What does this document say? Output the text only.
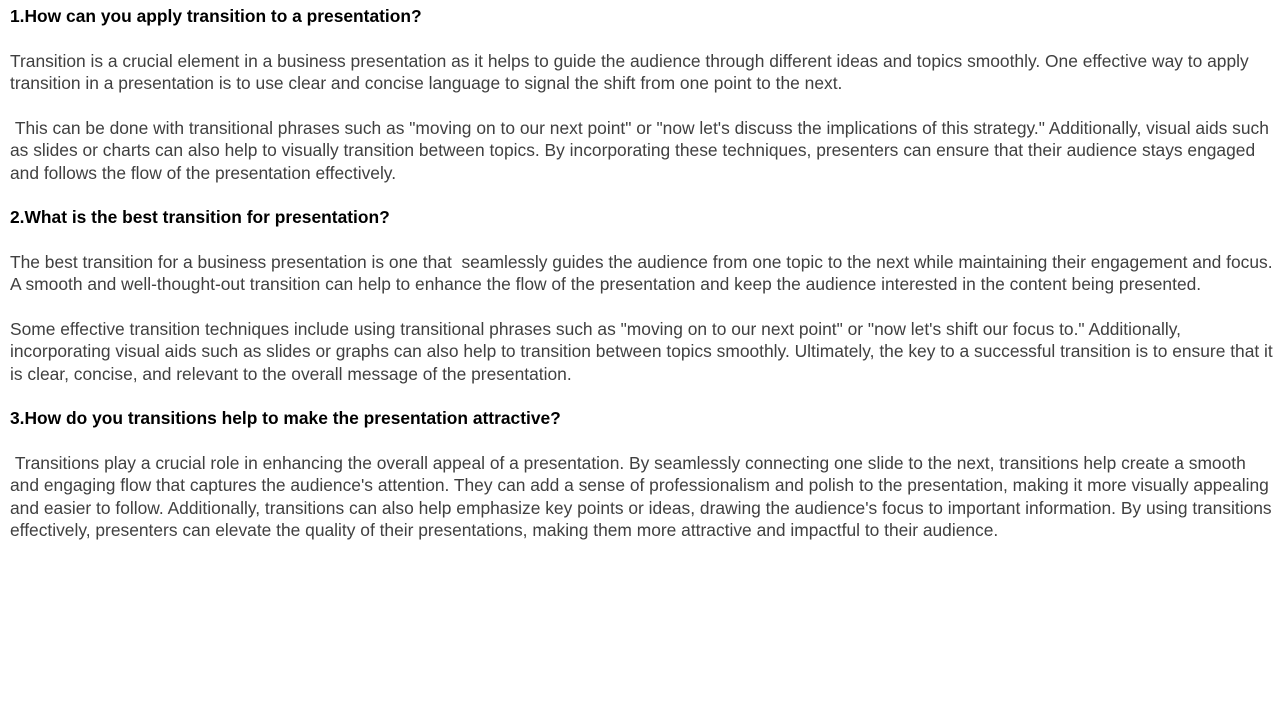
1.How can you apply transition to a presentation?
Transition is a crucial element in a business presentation as it helps to guide the audience through different ideas and topics smoothly. One effective way to apply transition in a presentation is to use clear and concise language to signal the shift from one point to the next.
This can be done with transitional phrases such as "moving on to our next point" or "now let's discuss the implications of this strategy." Additionally, visual aids such as slides or charts can also help to visually transition between topics. By incorporating these techniques, presenters can ensure that their audience stays engaged and follows the flow of the presentation effectively.
2.What is the best transition for presentation?
The best transition for a business presentation is one that  seamlessly guides the audience from one topic to the next while maintaining their engagement and focus. A smooth and well-thought-out transition can help to enhance the flow of the presentation and keep the audience interested in the content being presented.
Some effective transition techniques include using transitional phrases such as "moving on to our next point" or "now let's shift our focus to." Additionally, incorporating visual aids such as slides or graphs can also help to transition between topics smoothly. Ultimately, the key to a successful transition is to ensure that it is clear, concise, and relevant to the overall message of the presentation.
3.How do you transitions help to make the presentation attractive?
Transitions play a crucial role in enhancing the overall appeal of a presentation. By seamlessly connecting one slide to the next, transitions help create a smooth and engaging flow that captures the audience's attention. They can add a sense of professionalism and polish to the presentation, making it more visually appealing and easier to follow. Additionally, transitions can also help emphasize key points or ideas, drawing the audience's focus to important information. By using transitions effectively, presenters can elevate the quality of their presentations, making them more attractive and impactful to their audience.
